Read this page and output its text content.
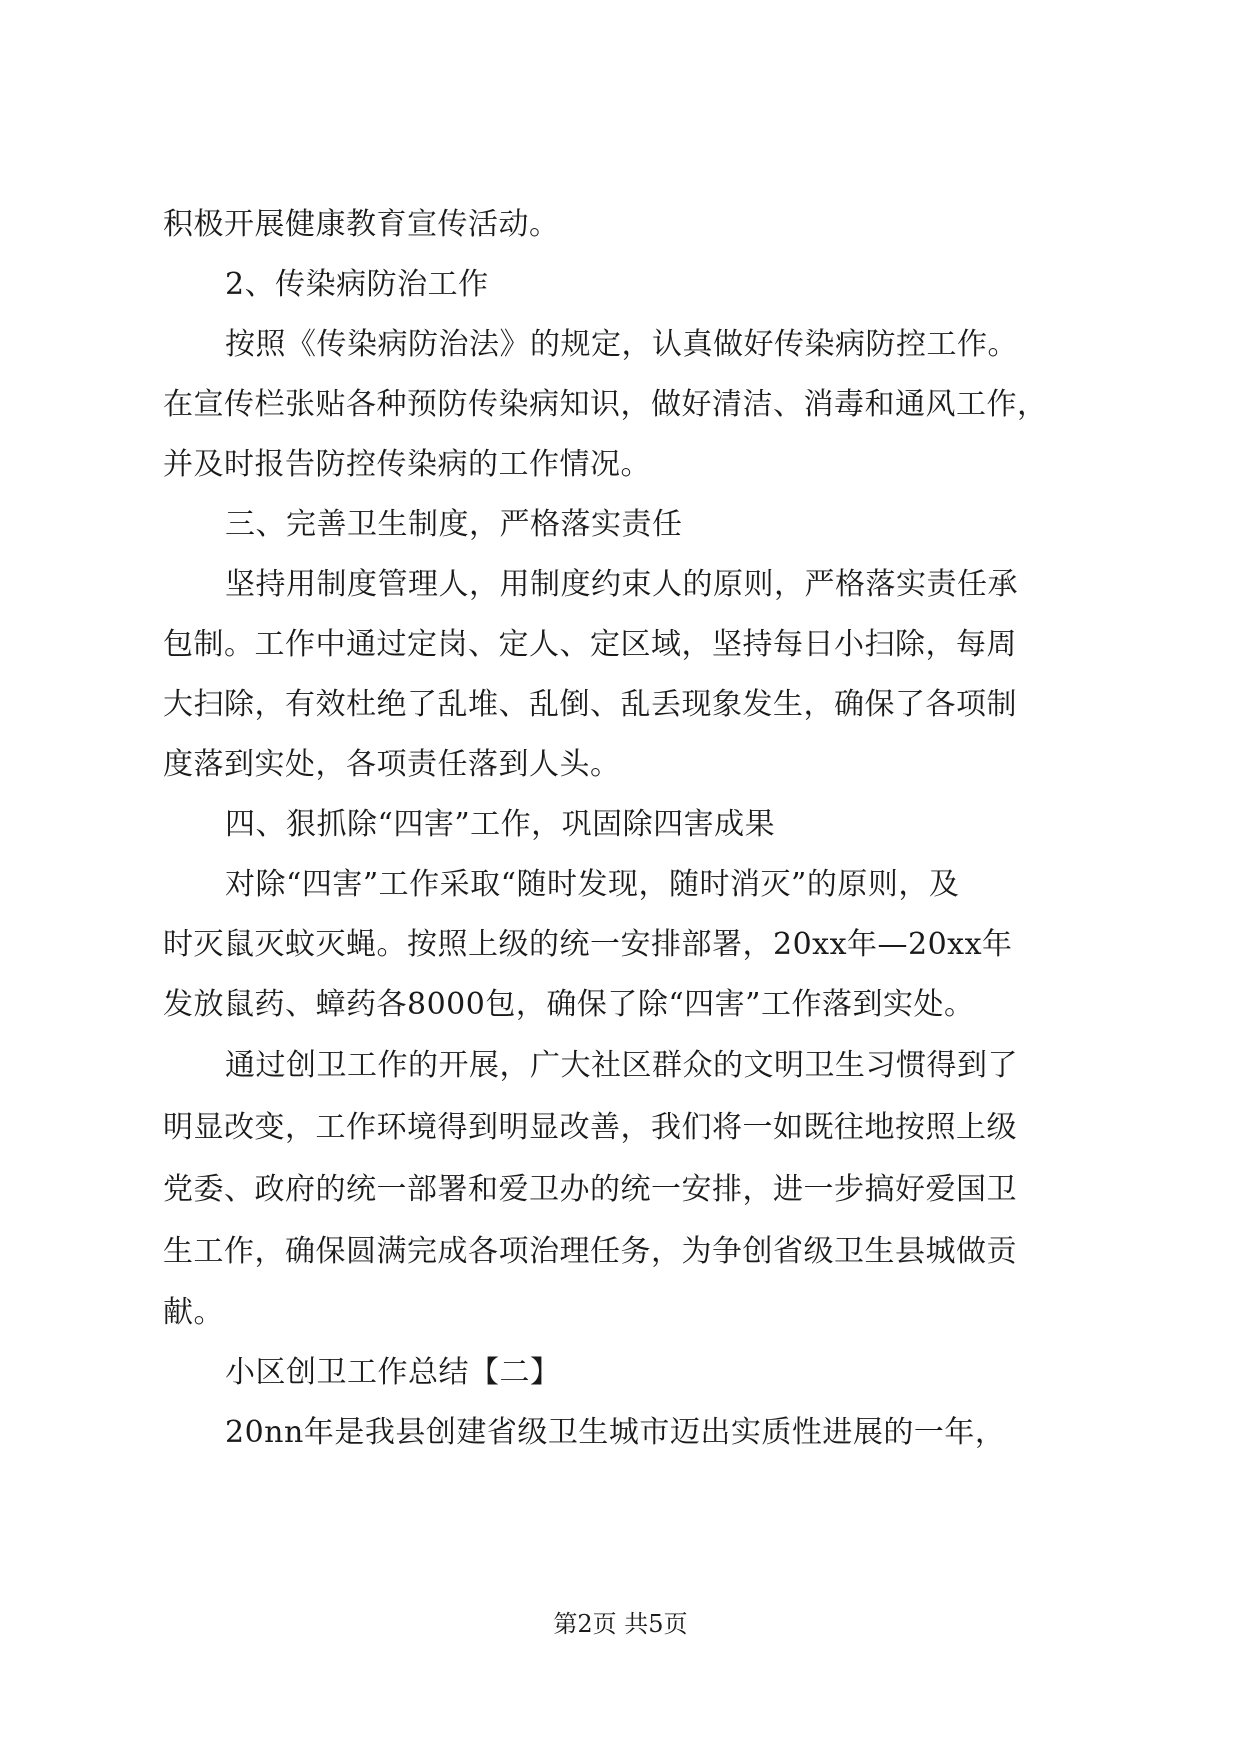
积极开展健康教育宣传活动。
2、传染病防治工作
按照《传染病防治法》的规定，认真做好传染病防控工作。
在宣传栏张贴各种预防传染病知识，做好清洁、消毒和通风工作，
并及时报告防控传染病的工作情况。
三、完善卫生制度，严格落实责任
坚持用制度管理人，用制度约束人的原则，严格落实责任承
包制。工作中通过定岗、定人、定区域，坚持每日小扫除，每周
大扫除，有效杜绝了乱堆、乱倒、乱丢现象发生，确保了各项制
度落到实处，各项责任落到人头。
四、狠抓除“四害”工作，巩固除四害成果
对除“四害”工作采取“随时发现，随时消灭”的原则，及
时灭鼠灭蚊灭蝇。按照上级的统一安排部署，20xx年—20xx年
发放鼠药、蟑药各8000包，确保了除“四害”工作落到实处。
通过创卫工作的开展，广大社区群众的文明卫生习惯得到了
明显改变，工作环境得到明显改善，我们将一如既往地按照上级
党委、政府的统一部署和爱卫办的统一安排，进一步搞好爱国卫
生工作，确保圆满完成各项治理任务，为争创省级卫生县城做贡
献。
小区创卫工作总结【二】
20nn年是我县创建省级卫生城市迈出实质性进展的一年，
第2页 共5页
